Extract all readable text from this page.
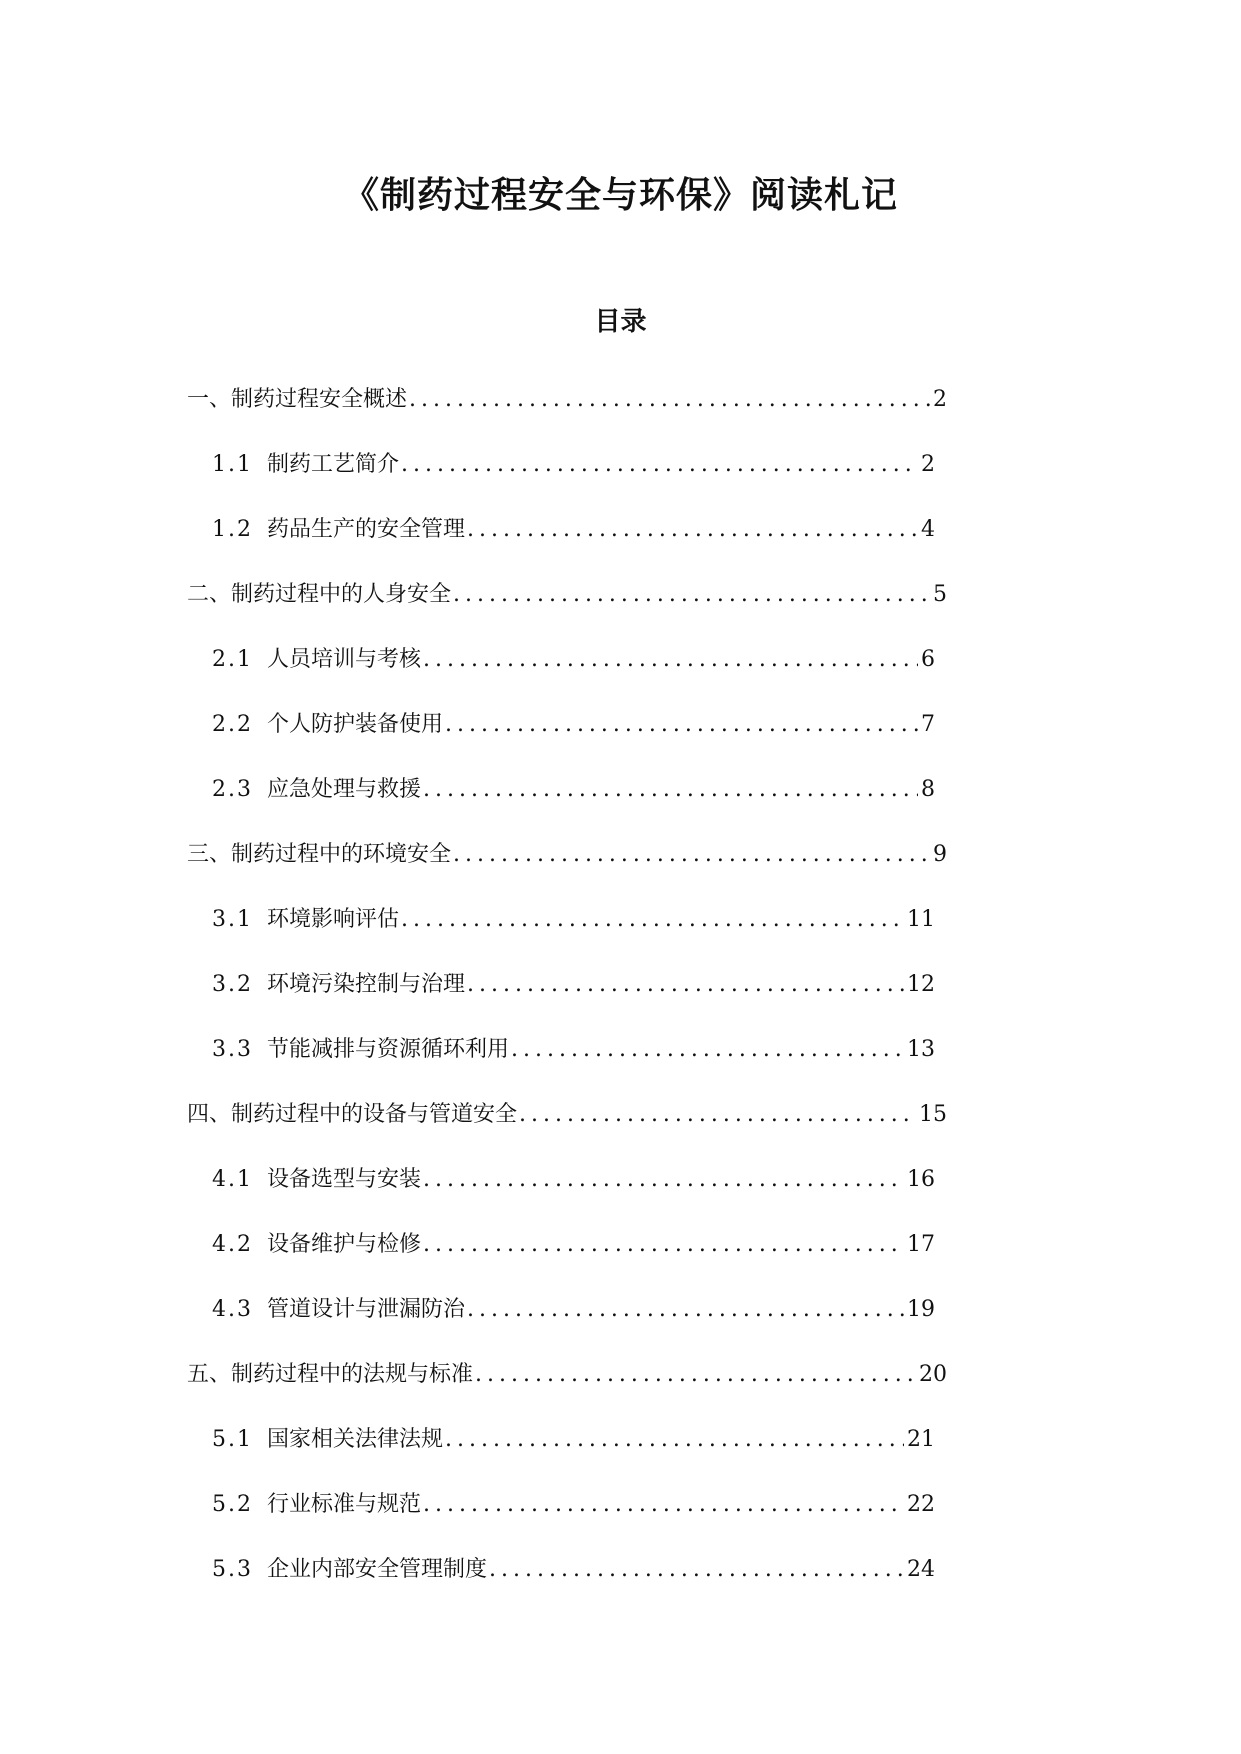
《制药过程安全与环保》阅读札记
目录
一、制药过程安全概述 .....	2
1.1 制药工艺简介 .....	2
1.2 药品生产的安全管理 .....	4
二、制药过程中的人身安全 .....	5
2.1 人员培训与考核 .....	6
2.2 个人防护装备使用 .....	7
2.3 应急处理与救援 .....	8
三、制药过程中的环境安全 .....	9
3.1 环境影响评估 .....	11
3.2 环境污染控制与治理 .....	12
3.3 节能减排与资源循环利用 .....	13
四、制药过程中的设备与管道安全 .....	15
4.1 设备选型与安装 .....	16
4.2 设备维护与检修 .....	17
4.3 管道设计与泄漏防治 .....	19
五、制药过程中的法规与标准 .....	20
5.1 国家相关法律法规 .....	21
5.2 行业标准与规范 .....	22
5.3 企业内部安全管理制度 .....	24
